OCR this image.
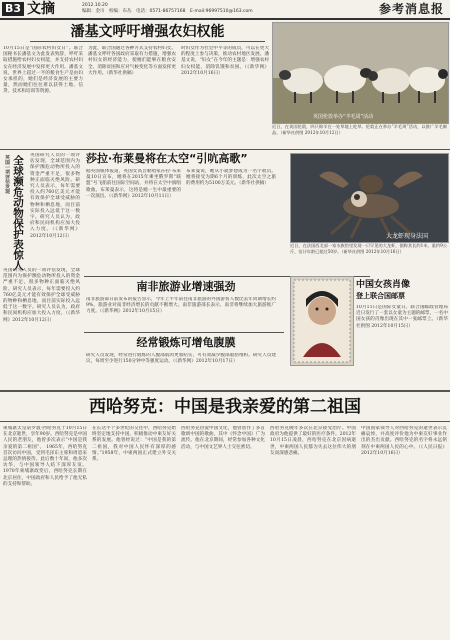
B3 文摘	2012.10.20
编辑：金川　校编：布丛　电话：0571-86757168　E-mail:96997510@163.com	参考消息报
潘基文呼吁增强农妇权能
10月15日是“国际农村妇女日”。联合国秘书长潘基文为此发表致辞，呼吁采取措施给农村妇女权能，并支持农村妇女在经济发展中发挥更大作用。潘基文说，世界上超过一半的粮食生产是由妇女承担的，她们是经济发展的主要力量，然而她们往往难以获得土地、信贷、技术和培训等资源。
为此，联合国通过各种方式支持农村妇女。潘基文呼吁各国政府采取有力措施，增强农村妇女的经济能力，使她们能够在粮食安全、消除贫困和应对气候变化等方面发挥更大作用。（新华社供稿）
时妇女作为社会中平等的成员，可以在更大的程度上参与决策，推动农村地区发展。潘基文说，“妇女”在今年的主题是：增强农村妇女权能，消除饥饿和贫困。（《新华网》2012年10月16日）
英国伦敦举办“羊毛周”活动
近日，在英国伦敦，四只绵羊在一处草地上吃草。伦敦正在举办“羊毛周”活动，以推广羊毛制品。（新华社供图 2012年10月12日）
英国一项评估发现 全球濒危动物保护表惊人 英国研究人员的一项评估发现，全球范围内为保护濒危动物所投入的资金严重不足，很多物种正面临灭绝风险。研究人员表示，每年需要投入约760亿美元才能有效保护全球受威胁的物种和栖息地，而目前实际投入远低于这一数字。研究人员认为，政府和民间机构应加大投入力度。（《新华网》2012年10月12日）
英国研究人员的一项评估发现，全球范围内为保护濒危动物所投入的资金严重不足，很多物种正面临灭绝风险。研究人员表示，每年需要投入约760亿美元才能有效保护全球受威胁的物种和栖息地，而目前实际投入远低于这一数字。研究人员认为，政府和民间机构应加大投入力度。（《新华网》2012年10月12日）
莎拉·布莱曼将在太空“引吭高歌”
据英国媒体报道，英国女高音歌唱家莎拉·布莱曼10日宣布，她将在2015年乘坐俄罗斯“联盟”号飞船前往国际空间站，并将在太空中演唱歌曲。布莱曼表示，这将是她一生中最重要的一次演出。（《新华网》2012年10月11日）
布莱曼说，她从小就梦想成为一名宇航员。她将接受为期6个月的训练，此次太空之旅的费用约为5100万美元。（新华社供稿）
大龙虾现身法国
近日，在法国西北部一家水族馆里发现一只罕见的大龙虾，据称其长约1米，重约9公斤，估计年龄已超过50岁。（新华社供图 2012年10月16日）
南非旅游业增速强劲
南非旅游部日前发布的报告显示，今年上半年前往南非旅游的外国游客人数比去年同期增长约9%，旅游业对南非经济增长的贡献不断增大。南非旅游部长表示，南非将继续加大旅游推广力度。（《新华网》2012年10月15日）
经常锻炼可增龟腹膜
研究人员发现，经常进行锻炼的人腹部肌肉更加结实，可有效减少腹部脂肪堆积。研究人员建议，每周至少进行150分钟中等强度运动。（《新华网》2012年10月17日）
中国女孩肖像
登上联合国邮票
10月11日是国际女童日。联合国邮政管理局近日发行了一套以女童为主题的邮票，一名中国女孩的肖像出现在其中一张邮票上。（新华社供图 2012年10月15日）
西哈努克：中国是我亲爱的第二祖国
柬埔寨太皇诺罗敦·西哈努克于10月15日在北京逝世，享年90岁。西哈努克是中国人民的老朋友，他曾多次表示“中国是我亲爱的第二祖国”。 1965年，西哈努克首次访问中国，受到毛泽东主席和周恩来总理的热情接待。此后数十年间，他多次访华，与中国领导人结下深厚友谊。1970年柬埔寨政变后，西哈努克长期在北京居住，中国政府和人民给予了他无私的支持和帮助。
在长达半个多世纪的交往中，西哈努克始终坚定地支持中国，积极推动中柬友好关系的发展。他曾经说过：“中国是我的第二祖国，我对中国人民怀有深厚的感情。”1958年，中柬两国正式建立外交关系。
西哈努克热爱中国文化，他曾创作了多首歌颂中国的歌曲，其中《怀念中国》广为流传。他在北京期间，经常参加各种文化活动，与中国文艺界人士交往密切。
西哈努克晚年多次在北京接受治疗。中国政府为他提供了最好的医疗条件。2012年10月15日凌晨，西哈努克在北京因病逝世，中柬两国人民都为失去这位伟大的朋友而深感悲痛。
中国国家领导人对西哈努克的逝世表示沉痛哀悼，并高度评价他为中柬友好事业作出的杰出贡献。西哈努克的名字将永远铭刻在中柬两国人民的心中。（《人民日报》2012年10月16日）
